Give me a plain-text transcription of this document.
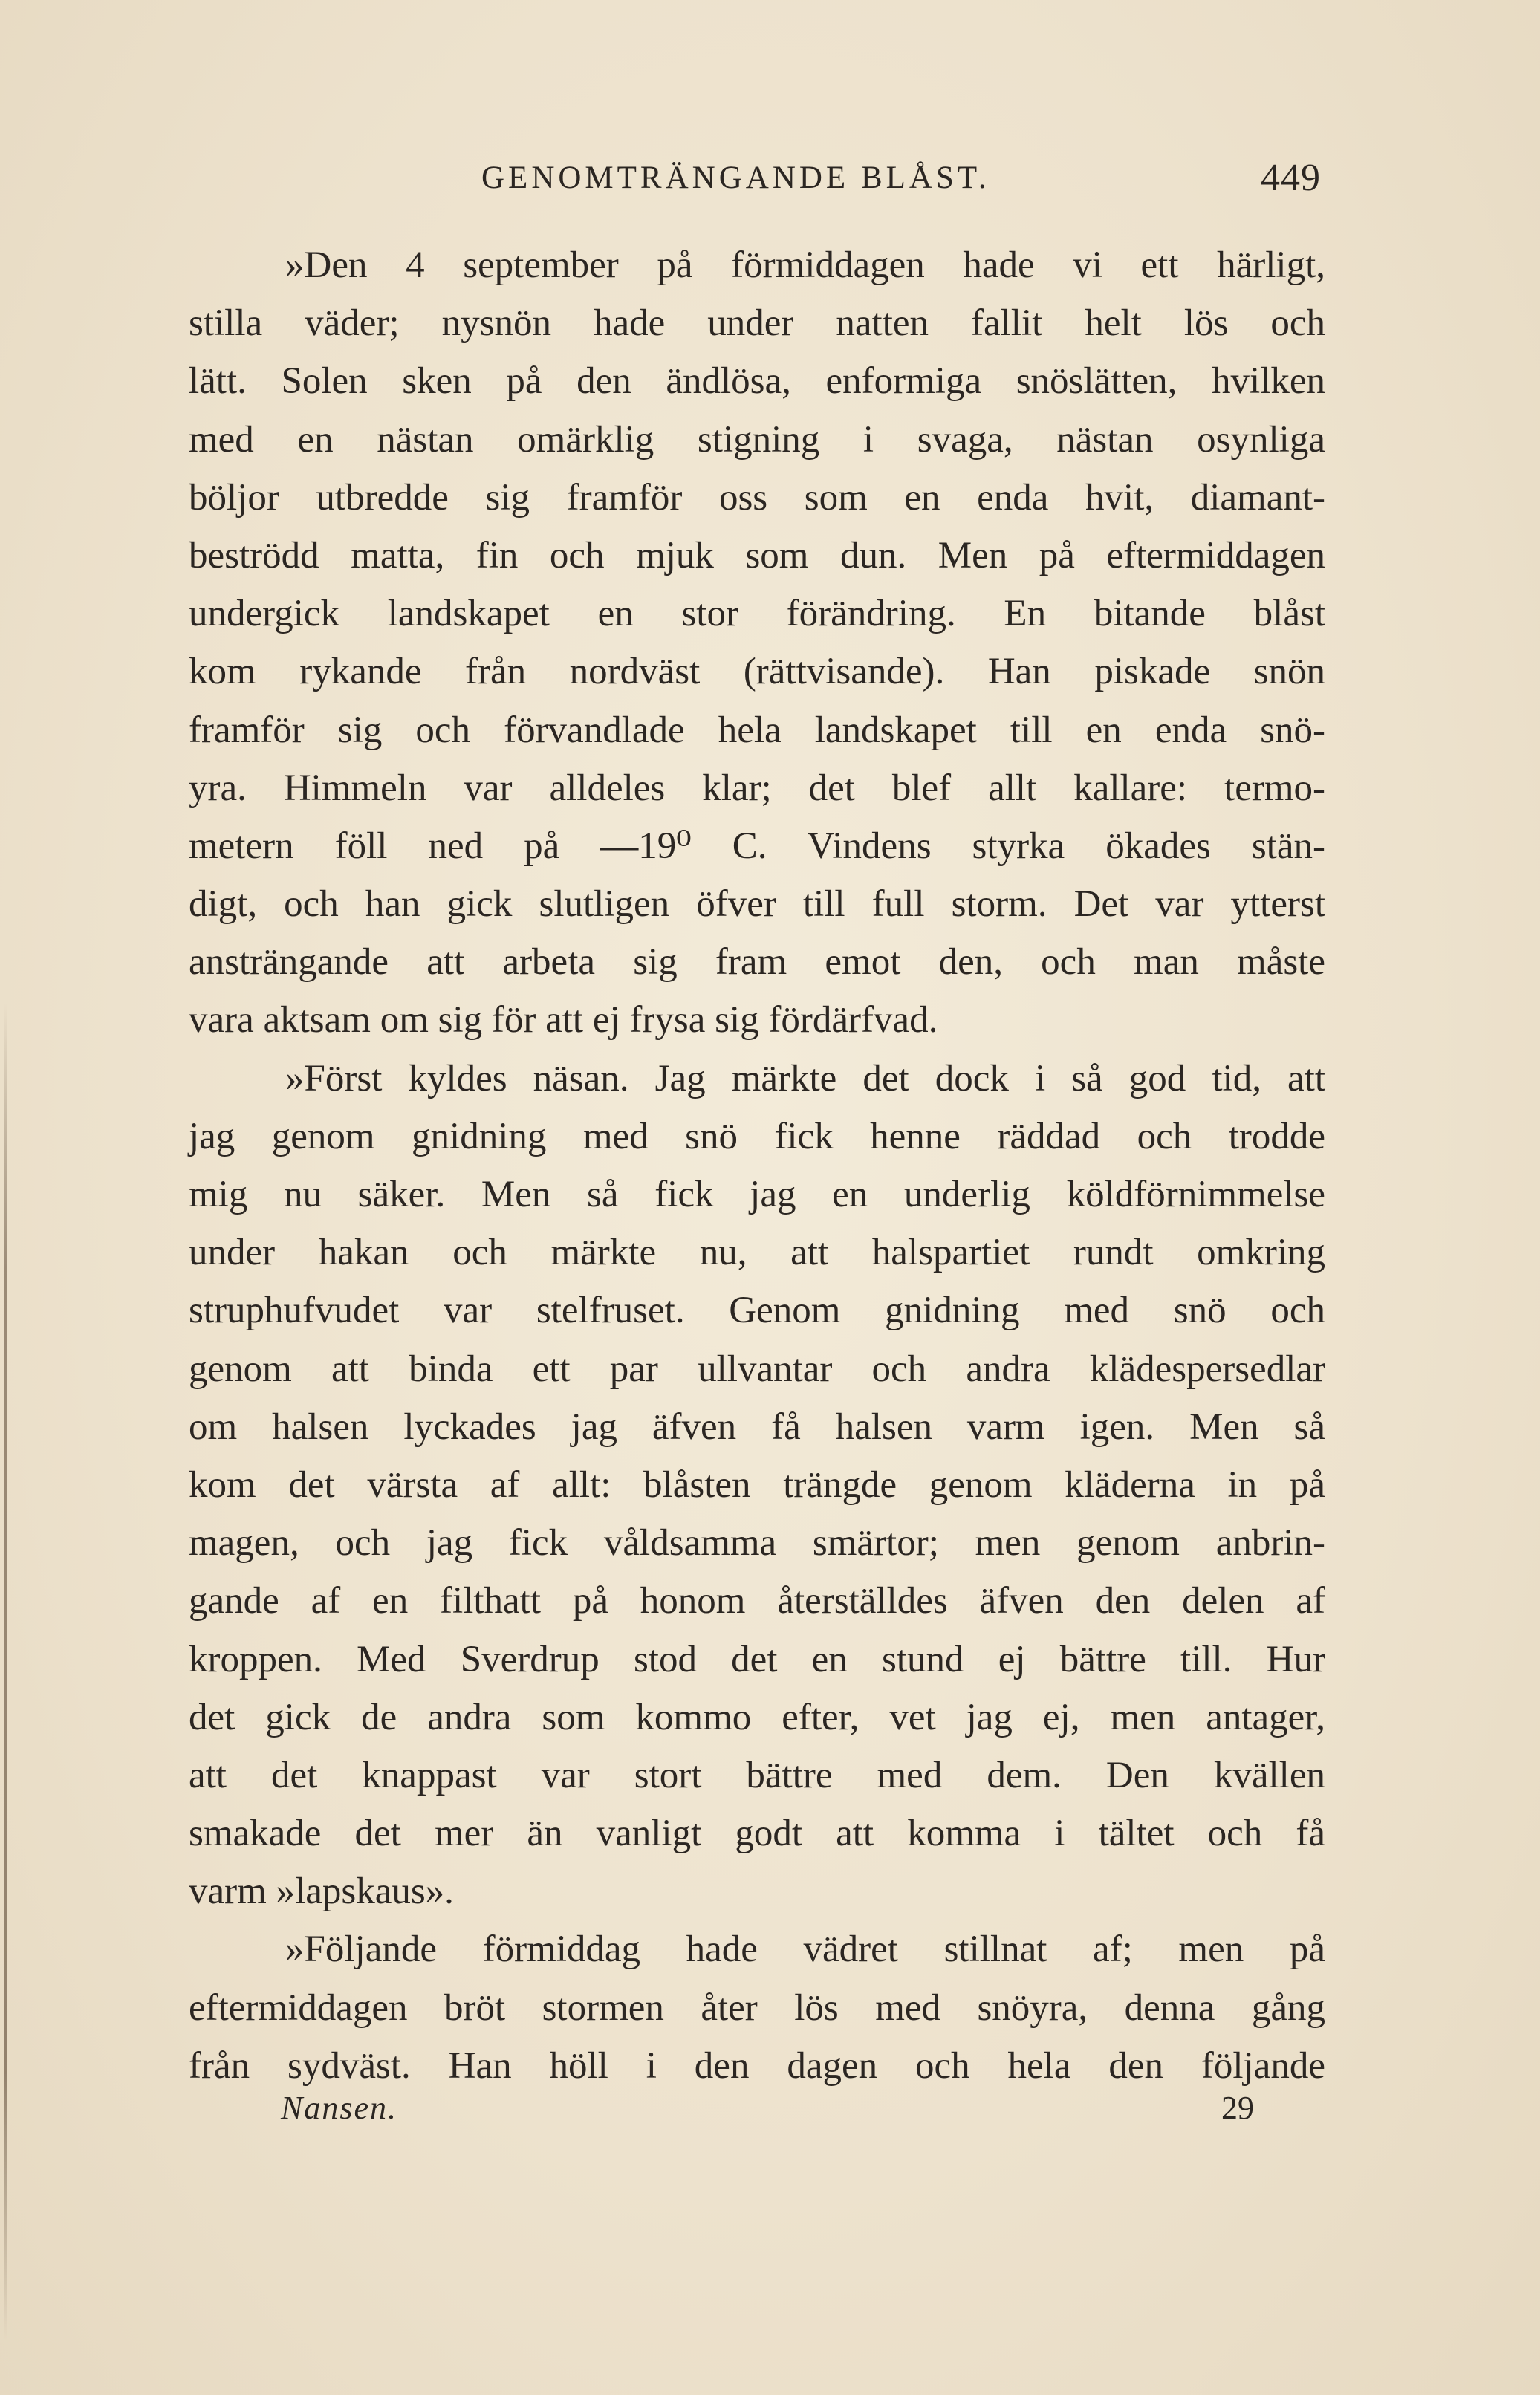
GENOMTRÄNGANDE BLÅST.	449
»Den 4 september på förmiddagen hade vi ett härligt,
stilla väder; nysnön hade under natten fallit helt lös och
lätt. Solen sken på den ändlösa, enformiga snöslätten, hvilken
med en nästan omärklig stigning i svaga, nästan osynliga
böljor utbredde sig framför oss som en enda hvit, diamant-
beströdd matta, fin och mjuk som dun. Men på eftermiddagen
undergick landskapet en stor förändring. En bitande blåst
kom rykande från nordväst (rättvisande). Han piskade snön
framför sig och förvandlade hela landskapet till en enda snö-
yra. Himmeln var alldeles klar; det blef allt kallare: termo-
metern föll ned på —19⁰ C. Vindens styrka ökades stän-
digt, och han gick slutligen öfver till full storm. Det var ytterst
ansträngande att arbeta sig fram emot den, och man måste
vara aktsam om sig för att ej frysa sig fördärfvad.
»Först kyldes näsan. Jag märkte det dock i så god tid, att
jag genom gnidning med snö fick henne räddad och trodde
mig nu säker. Men så fick jag en underlig köldförnimmelse
under hakan och märkte nu, att halspartiet rundt omkring
struphufvudet var stelfruset. Genom gnidning med snö och
genom att binda ett par ullvantar och andra klädespersedlar
om halsen lyckades jag äfven få halsen varm igen. Men så
kom det värsta af allt: blåsten trängde genom kläderna in på
magen, och jag fick våldsamma smärtor; men genom anbrin-
gande af en filthatt på honom återställdes äfven den delen af
kroppen. Med Sverdrup stod det en stund ej bättre till. Hur
det gick de andra som kommo efter, vet jag ej, men antager,
att det knappast var stort bättre med dem. Den kvällen
smakade det mer än vanligt godt att komma i tältet och få
varm »lapskaus».
»Följande förmiddag hade vädret stillnat af; men på
eftermiddagen bröt stormen åter lös med snöyra, denna gång
från sydväst. Han höll i den dagen och hela den följande
Nansen.	29
